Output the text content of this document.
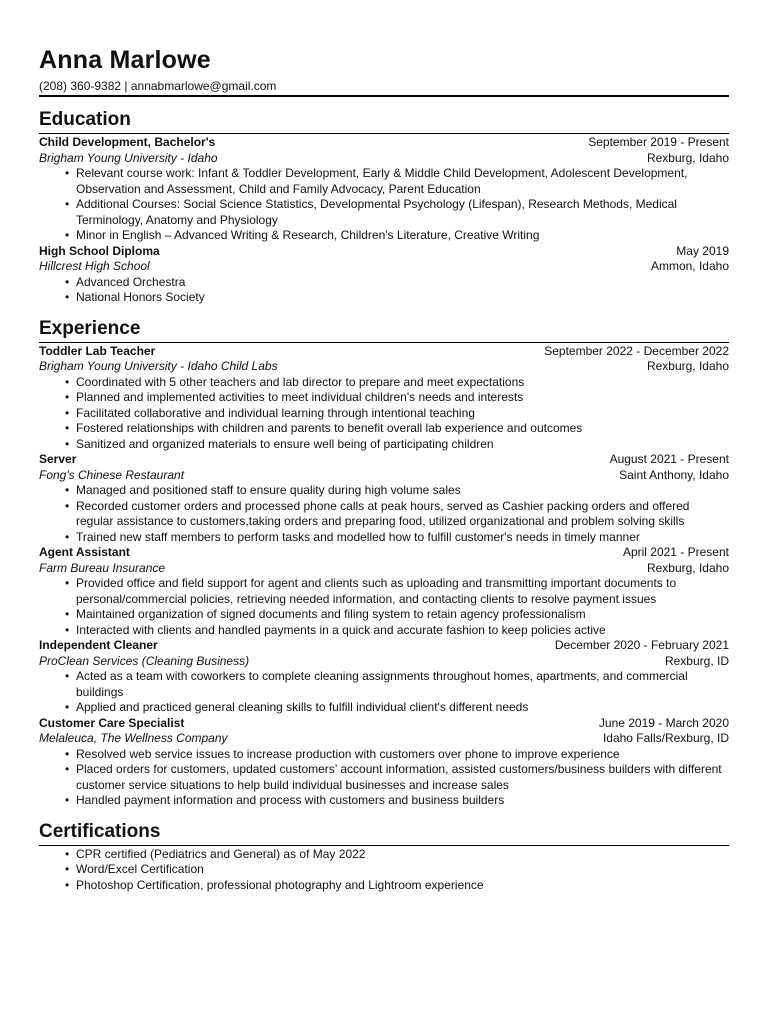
Anna Marlowe
(208) 360-9382 | annabmarlowe@gmail.com
Education
Child Development, Bachelor's	September 2019 - Present
Brigham Young University - Idaho	Rexburg, Idaho
• Relevant course work: Infant & Toddler Development, Early & Middle Child Development, Adolescent Development, Observation and Assessment, Child and Family Advocacy, Parent Education
• Additional Courses: Social Science Statistics, Developmental Psychology (Lifespan), Research Methods, Medical Terminology, Anatomy and Physiology
• Minor in English – Advanced Writing & Research, Children's Literature, Creative Writing
High School Diploma	May 2019
Hillcrest High School	Ammon, Idaho
• Advanced Orchestra
• National Honors Society
Experience
Toddler Lab Teacher	September 2022 - December 2022
Brigham Young University - Idaho Child Labs	Rexburg, Idaho
• Coordinated with 5 other teachers and lab director to prepare and meet expectations
• Planned and implemented activities to meet individual children's needs and interests
• Facilitated collaborative and individual learning through intentional teaching
• Fostered relationships with children and parents to benefit overall lab experience and outcomes
• Sanitized and organized materials to ensure well being of participating children
Server	August 2021 - Present
Fong's Chinese Restaurant	Saint Anthony, Idaho
• Managed and positioned staff to ensure quality during high volume sales
• Recorded customer orders and processed phone calls at peak hours, served as Cashier packing orders and offered regular assistance to customers,taking orders and preparing food, utilized organizational and problem solving skills
• Trained new staff members to perform tasks and modelled how to fulfill customer's needs in timely manner
Agent Assistant	April 2021 - Present
Farm Bureau Insurance	Rexburg, Idaho
• Provided office and field support for agent and clients such as uploading and transmitting important documents to personal/commercial policies, retrieving needed information, and contacting clients to resolve payment issues
• Maintained organization of signed documents and filing system to retain agency professionalism
• Interacted with clients and handled payments in a quick and accurate fashion to keep policies active
Independent Cleaner	December 2020 - February 2021
ProClean Services (Cleaning Business)	Rexburg, ID
• Acted as a team with coworkers to complete cleaning assignments throughout homes, apartments, and commercial buildings
• Applied and practiced general cleaning skills to fulfill individual client's different needs
Customer Care Specialist	June 2019 - March 2020
Melaleuca, The Wellness Company	Idaho Falls/Rexburg, ID
• Resolved web service issues to increase production with customers over phone to improve experience
• Placed orders for customers, updated customers’ account information, assisted customers/business builders with different customer service situations to help build individual businesses and increase sales
• Handled payment information and process with customers and business builders
Certifications
• CPR certified (Pediatrics and General) as of May 2022
• Word/Excel Certification
• Photoshop Certification, professional photography and Lightroom experience
